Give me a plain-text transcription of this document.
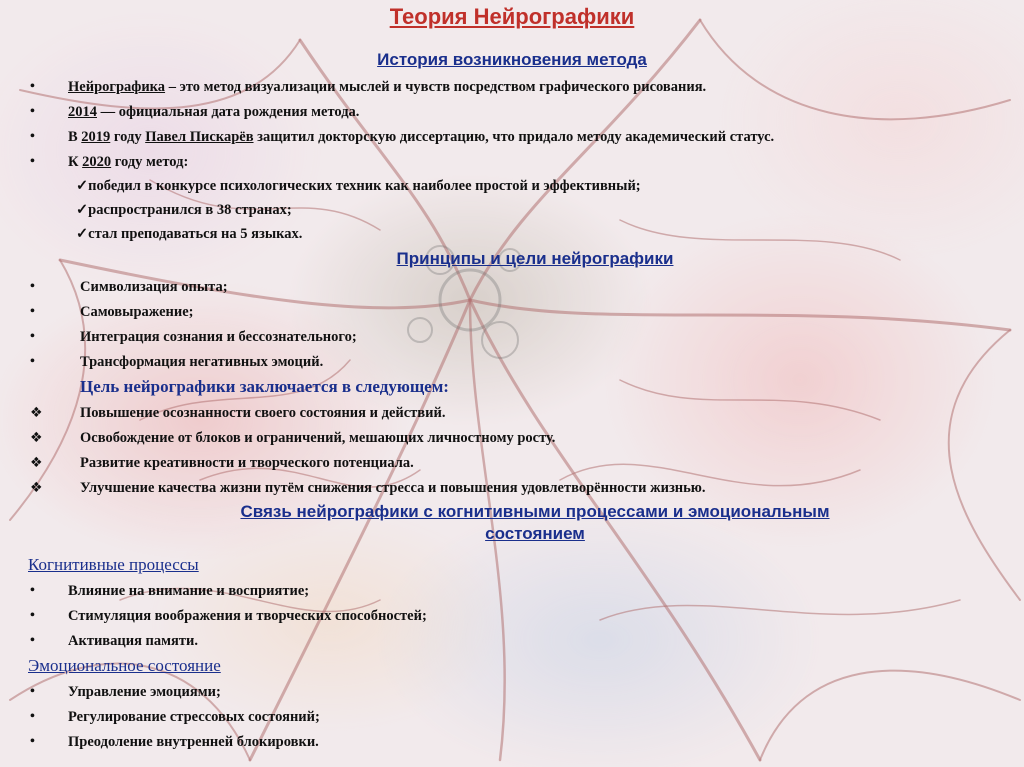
Теория Нейрографики
История возникновения метода
• Нейрографика – это метод визуализации мыслей и чувств посредством графического рисования.
• 2014 — официальная дата рождения метода.
• В 2019 году Павел Пискарёв защитил докторскую диссертацию, что придало методу академический статус.
• К 2020 году метод:
✓победил в конкурсе психологических техник как наиболее простой и эффективный;
✓распространился в 38 странах;
✓стал преподаваться на 5 языках.
Принципы и цели нейрографики
•	Символизация опыта;
•	Самовыражение;
•	Интеграция сознания и бессознательного;
•	Трансформация негативных эмоций.
Цель нейрографики заключается в следующем:
❖	Повышение осознанности своего состояния и действий.
❖	Освобождение от блоков и ограничений, мешающих личностному росту.
❖	Развитие креативности и творческого потенциала.
❖	Улучшение качества жизни путём снижения стресса и повышения удовлетворённости жизнью.
Связь нейрографики с когнитивными процессами и эмоциональным
состоянием
Когнитивные процессы
• Влияние на внимание и восприятие;
• Стимуляция воображения и творческих способностей;
• Активация памяти.
Эмоциональное состояние
• Управление эмоциями;
• Регулирование стрессовых состояний;
• Преодоление внутренней блокировки.
